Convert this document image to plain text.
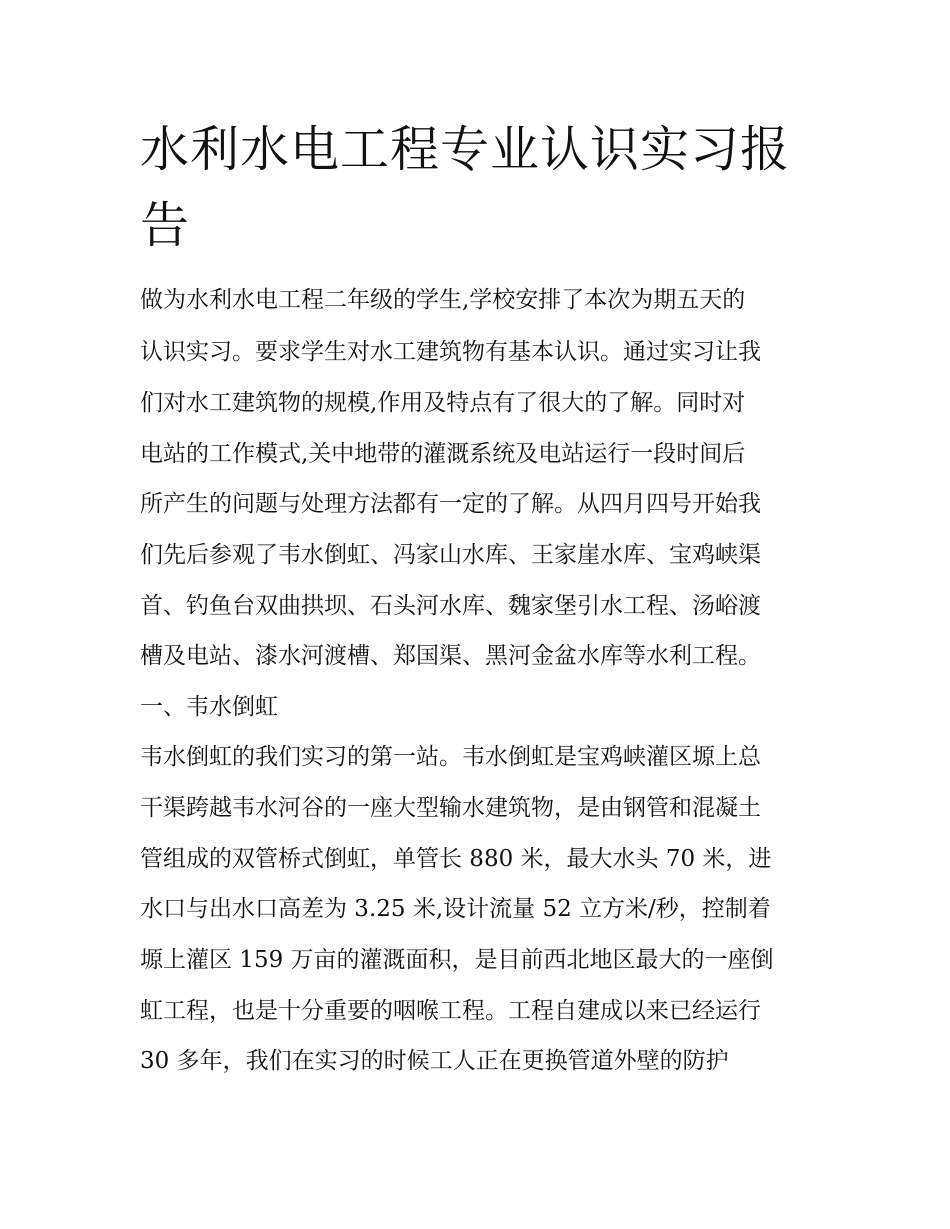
水利水电工程专业认识实习报
告

做为水利水电工程二年级的学生,学校安排了本次为期五天的

认识实习。要求学生对水工建筑物有基本认识。通过实习让我

们对水工建筑物的规模,作用及特点有了很大的了解。同时对

电站的工作模式,关中地带的灌溉系统及电站运行一段时间后

所产生的问题与处理方法都有一定的了解。从四月四号开始我

们先后参观了韦水倒虹、冯家山水库、王家崖水库、宝鸡峡渠

首、钓鱼台双曲拱坝、石头河水库、魏家堡引水工程、汤峪渡

槽及电站、漆水河渡槽、郑国渠、黑河金盆水库等水利工程。

一、韦水倒虹

韦水倒虹的我们实习的第一站。韦水倒虹是宝鸡峡灌区塬上总

干渠跨越韦水河谷的一座大型输水建筑物，是由钢管和混凝土

管组成的双管桥式倒虹，单管长 880 米，最大水头 70 米，进

水口与出水口高差为 3.25 米,设计流量 52 立方米/秒，控制着

塬上灌区 159 万亩的灌溉面积，是目前西北地区最大的一座倒

虹工程，也是十分重要的咽喉工程。工程自建成以来已经运行

30 多年，我们在实习的时候工人正在更换管道外壁的防护
